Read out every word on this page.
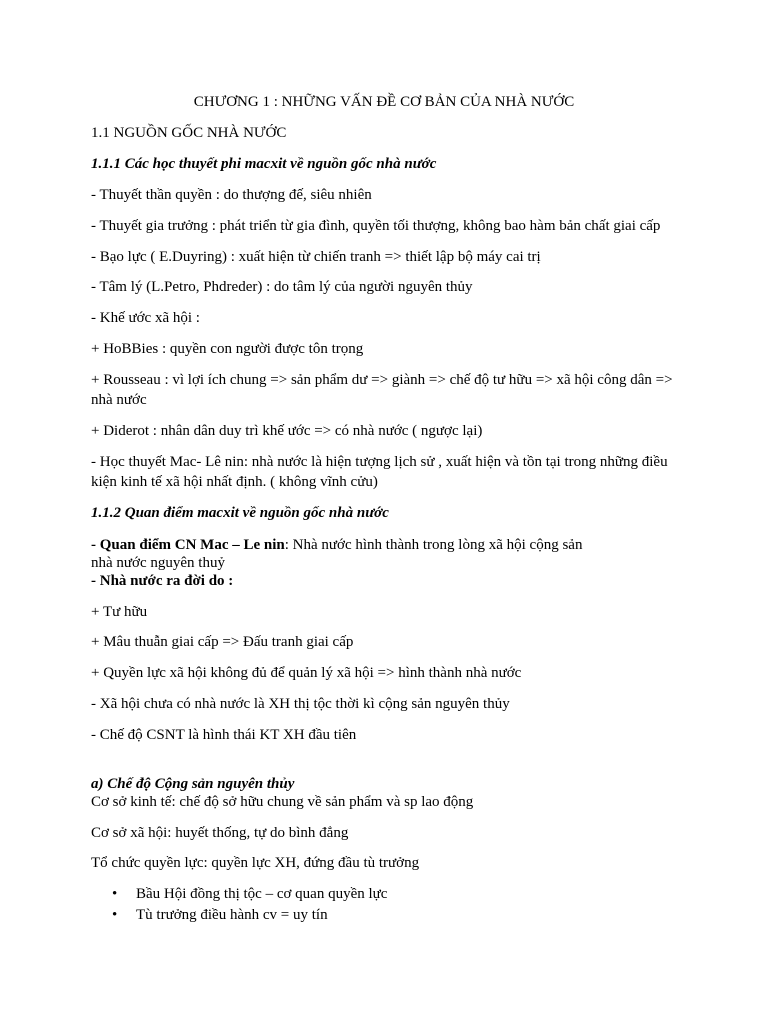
CHƯƠNG 1 : NHỮNG VẤN ĐỀ CƠ BẢN CỦA NHÀ NƯỚC
1.1 NGUỒN GỐC NHÀ NƯỚC
1.1.1 Các học thuyết phi macxit về nguồn gốc nhà nước
- Thuyết thần quyền : do thượng đế, siêu nhiên
- Thuyết gia trưởng : phát triển từ gia đình, quyền tối thượng, không bao hàm bản chất giai cấp
- Bạo lực ( E.Duyring) : xuất hiện từ chiến tranh => thiết lập bộ máy cai trị
- Tâm lý (L.Petro, Phdreder) : do tâm lý của người nguyên thủy
- Khế ước xã hội :
+ HoBBies : quyền con người được tôn trọng
+ Rousseau : vì lợi ích chung => sản phẩm dư => giành => chế độ tư hữu => xã hội công dân =>
nhà nước
+ Diderot : nhân dân duy trì khế ước => có nhà nước ( ngược lại)
- Học thuyết Mac- Lê nin: nhà nước là hiện tượng lịch sử , xuất hiện và tồn tại trong những điều
kiện kinh tế xã hội nhất định. ( không vĩnh cửu)
1.1.2 Quan điểm macxit về nguồn gốc nhà nước
- Quan điểm CN Mac – Le nin: Nhà nước hình thành trong lòng xã hội cộng sản
nhà nước nguyên thuỷ
- Nhà nước ra đời do :
+ Tư hữu
+ Mâu thuẫn giai cấp => Đấu tranh giai cấp
+ Quyền lực xã hội không đủ để quản lý xã hội => hình thành nhà nước
- Xã hội chưa có nhà nước là XH thị tộc thời kì cộng sản nguyên thủy
- Chế độ CSNT là hình thái KT XH đầu tiên
a) Chế độ Cộng sản nguyên thủy
Cơ sở kinh tế: chế độ sở hữu chung về sản phẩm và sp lao động
Cơ sở xã hội: huyết thống, tự do bình đẳng
Tổ chức quyền lực: quyền lực XH, đứng đầu tù trưởng
• Bầu Hội đồng thị tộc – cơ quan quyền lực
• Tù trưởng điều hành cv = uy tín
